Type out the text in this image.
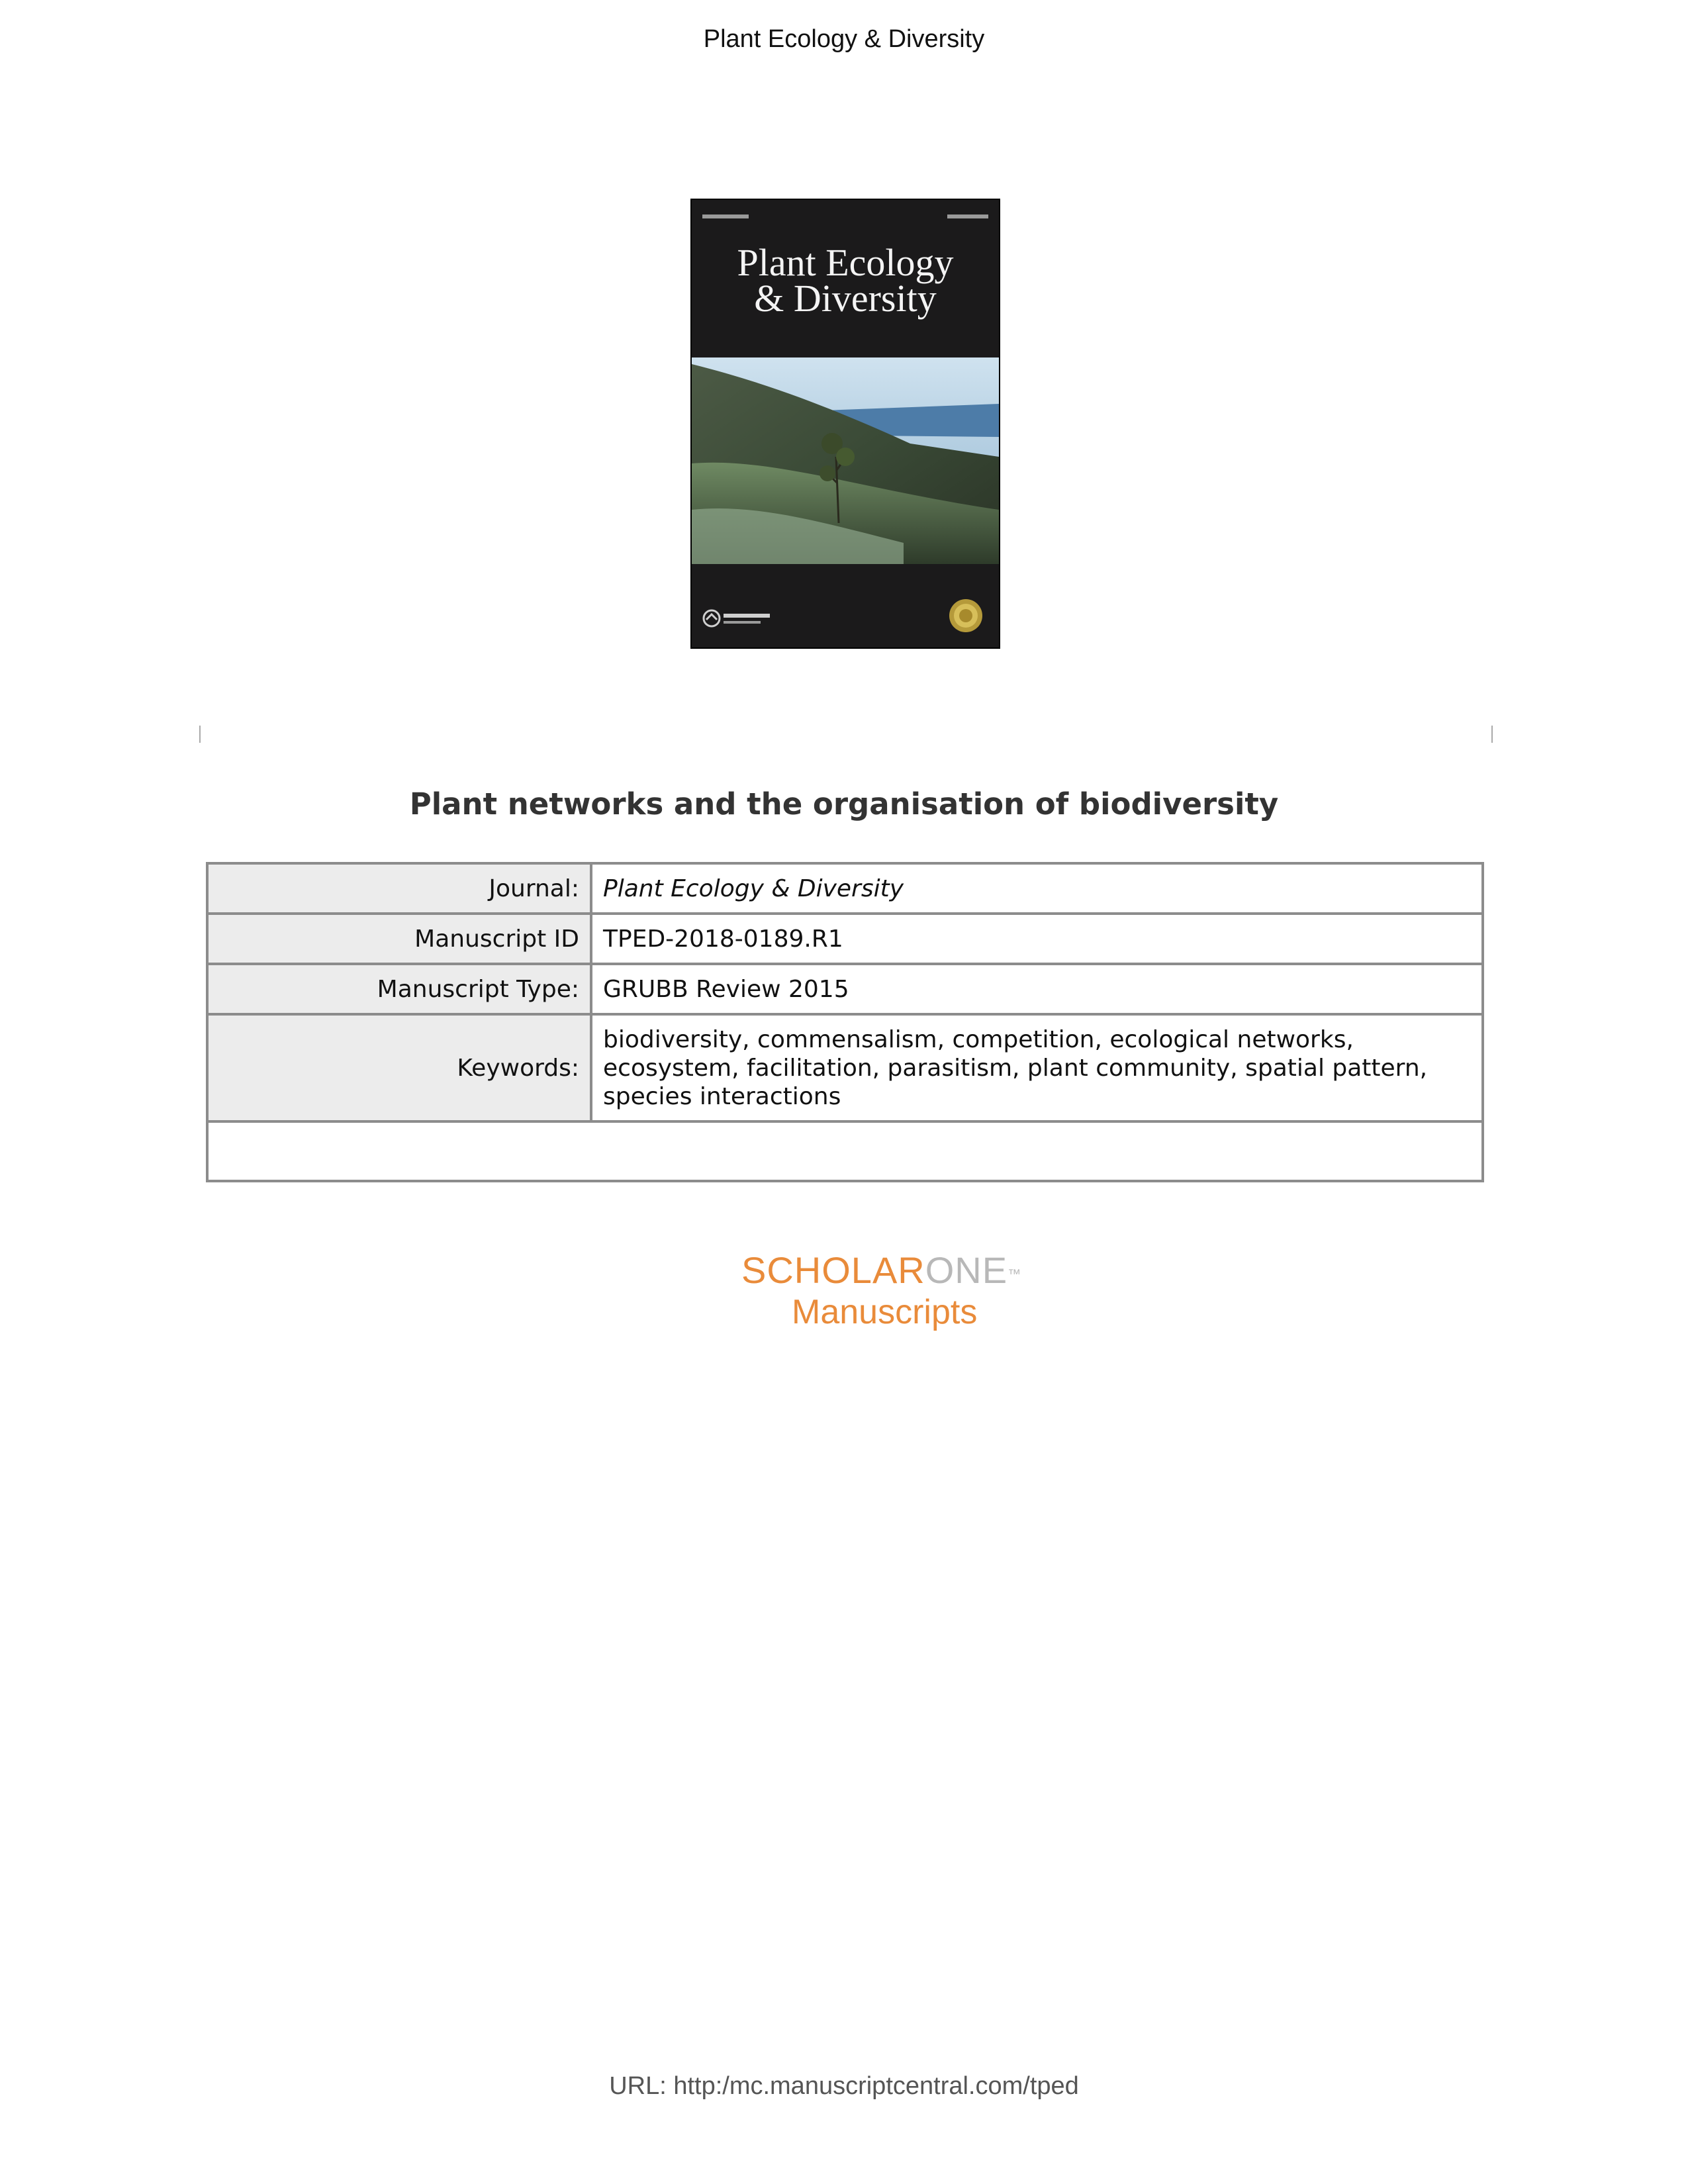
Plant Ecology & Diversity
Plant Ecology
& Diversity
Plant networks and the organisation of biodiversity
Journal:	Plant Ecology & Diversity
Manuscript ID	TPED-2018-0189.R1
Manuscript Type:	GRUBB Review 2015
Keywords:	biodiversity, commensalism, competition, ecological networks,
ecosystem, facilitation, parasitism, plant community, spatial pattern,
species interactions

SCHOLARONE™
Manuscripts
URL: http:/mc.manuscriptcentral.com/tped
